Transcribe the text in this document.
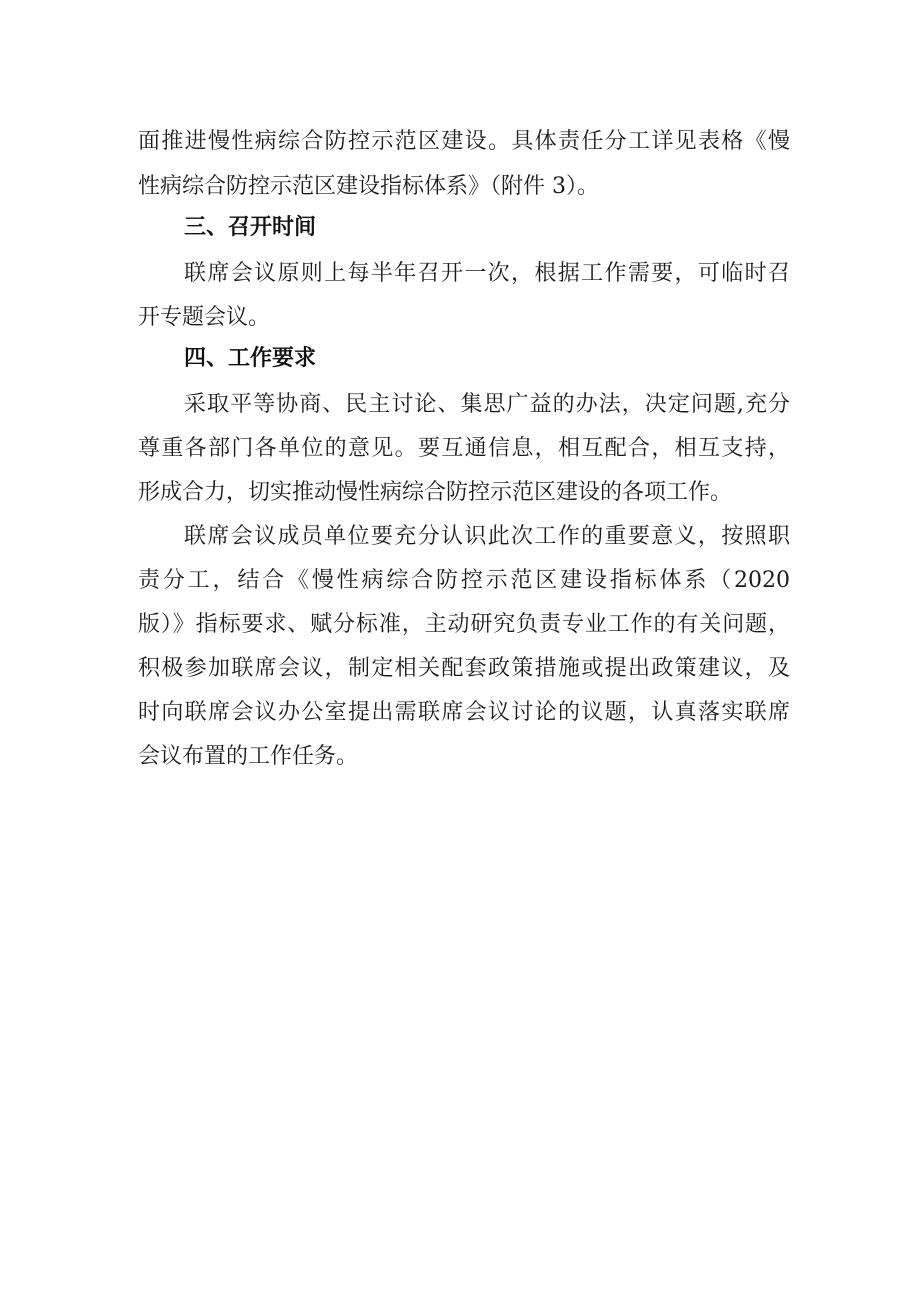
面推进慢性病综合防控示范区建设。具体责任分工详见表格《慢
性病综合防控示范区建设指标体系》（附件 3）。
三、召开时间
联席会议原则上每半年召开一次，根据工作需要，可临时召
开专题会议。
四、工作要求
采取平等协商、民主讨论、集思广益的办法，决定问题,充分
尊重各部门各单位的意见。要互通信息，相互配合，相互支持，
形成合力，切实推动慢性病综合防控示范区建设的各项工作。
联席会议成员单位要充分认识此次工作的重要意义，按照职
责分工，结合《慢性病综合防控示范区建设指标体系（2020
版）》指标要求、赋分标准，主动研究负责专业工作的有关问题，
积极参加联席会议，制定相关配套政策措施或提出政策建议，及
时向联席会议办公室提出需联席会议讨论的议题，认真落实联席
会议布置的工作任务。
